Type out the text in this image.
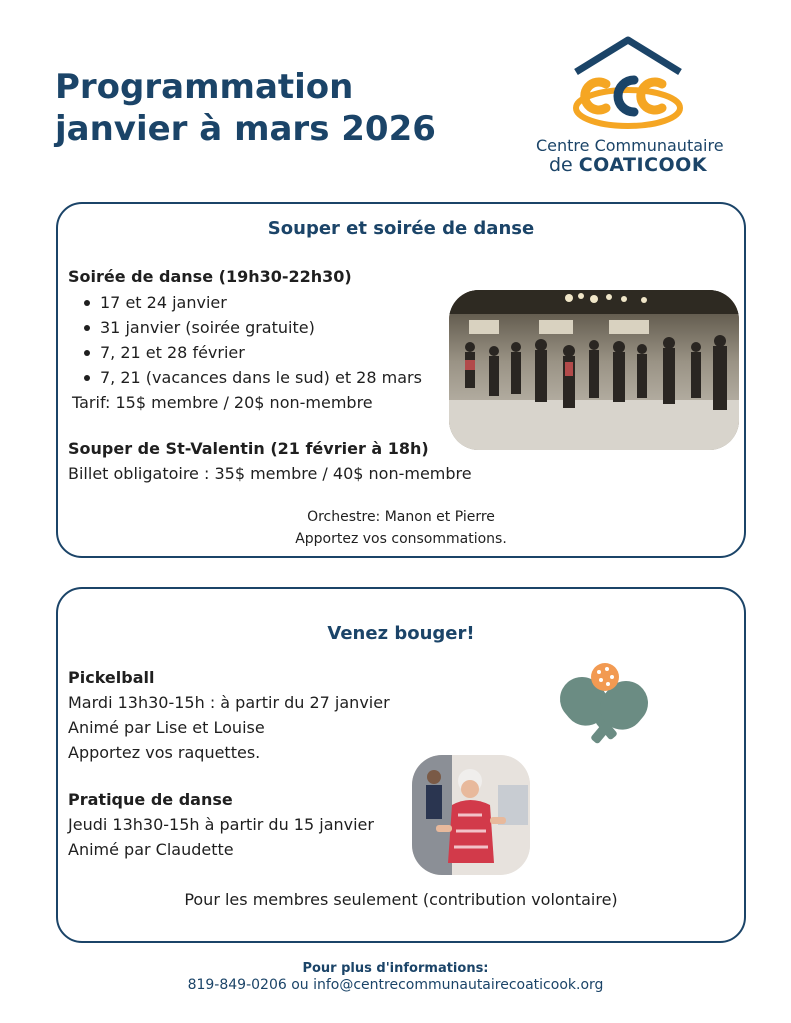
Programmation
janvier à mars 2026	Centre Communautaire
de COATICOOK
Souper et soirée de danse
Soirée de danse (19h30-22h30)
17 et 24 janvier
31 janvier (soirée gratuite)
7, 21 et 28 février
7, 21 (vacances dans le sud) et 28 mars
Tarif: 15$ membre / 20$ non-membre
Souper de St-Valentin (21 février à 18h)
Billet obligatoire : 35$ membre / 40$ non-membre
Orchestre: Manon et Pierre
Apportez vos consommations.
Venez bouger!
Pickelball
Mardi 13h30-15h : à partir du 27 janvier
Animé par Lise et Louise
Apportez vos raquettes.
Pratique de danse
Jeudi 13h30-15h à partir du 15 janvier
Animé par Claudette
Pour les membres seulement (contribution volontaire)
Pour plus d'informations:
819-849-0206 ou info@centrecommunautairecoaticook.org
